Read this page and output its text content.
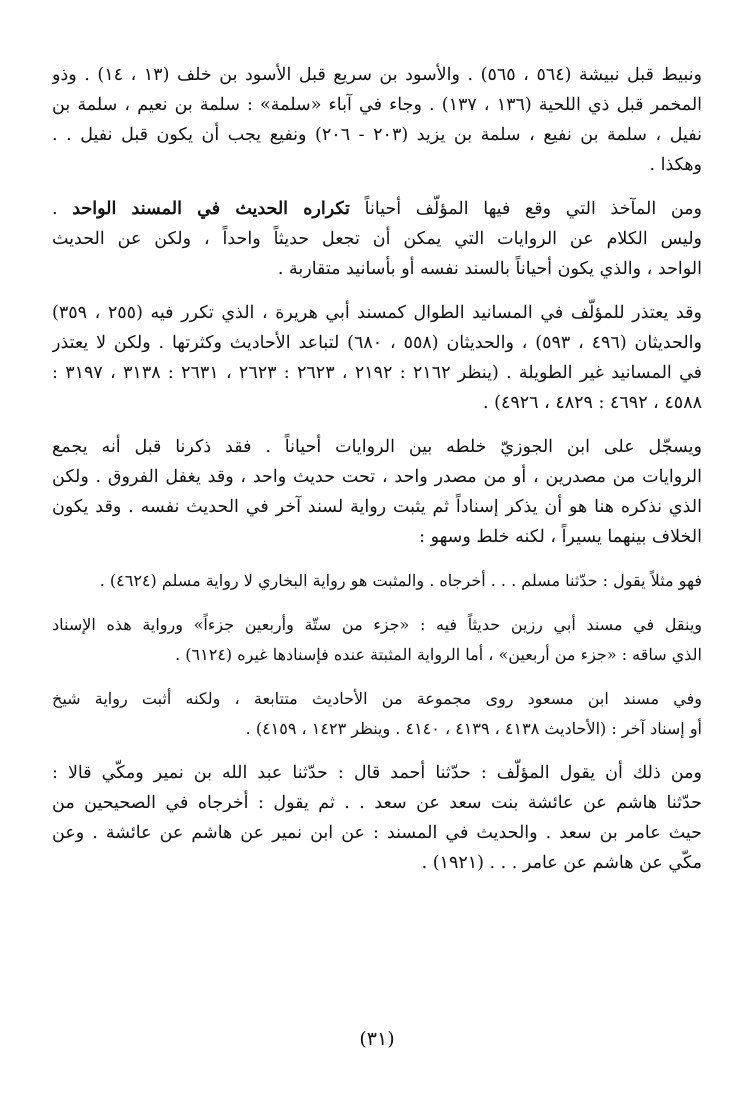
ونبيط قبل نبيشة (٥٦٤ ، ٥٦٥) . والأسود بن سريع قبل الأسود بن خلف (١٣ ، ١٤) . وذو
المخمر قبل ذي اللحية (١٣٦ ، ١٣٧) . وجاء في آباء «سلمة» : سلمة بن نعيم ، سلمة بن
نفيل ، سلمة بن نفيع ، سلمة بن يزيد (٢٠٣ - ٢٠٦) ونفيع يجب أن يكون قبل نفيل . .
وهكذا .

ومن المآخذ التي وقع فيها المؤلّف أحياناً تكراره الحديث في المسند الواحد .
وليس الكلام عن الروايات التي يمكن أن تجعل حديثاً واحداً ، ولكن عن الحديث
الواحد ، والذي يكون أحياناً بالسند نفسه أو بأسانيد متقاربة .

وقد يعتذر للمؤلّف في المسانيد الطوال كمسند أبي هريرة ، الذي تكرر فيه (٢٥٥ ، ٣٥٩)
والحديثان (٤٩٦ ، ٥٩٣) ، والحديثان (٥٥٨ ، ٦٨٠) لتباعد الأحاديث وكثرتها . ولكن لا يعتذر
في المسانيد غير الطويلة . (ينظر ٢١٦٢ : ٢١٩٢ ، ٢٦٢٣ : ٢٦٢٣ ، ٢٦٣١ : ٣١٣٨ ، ٣١٩٧ :
٤٥٨٨ ، ٤٦٩٢ : ٤٨٢٩ ، ٤٩٢٦) .

ويسجّل على ابن الجوزيّ خلطه بين الروايات أحياناً . فقد ذكرنا قبل أنه يجمع
الروايات من مصدرين ، أو من مصدر واحد ، تحت حديث واحد ، وقد يغفل الفروق . ولكن
الذي نذكره هنا هو أن يذكر إسناداً ثم يثبت رواية لسند آخر في الحديث نفسه . وقد يكون
الخلاف بينهما يسيراً ، لكنه خلط وسهو :

فهو مثلاً يقول : حدّثنا مسلم . . . أخرجاه . والمثبت هو رواية البخاري لا رواية مسلم (٤٦٢٤) .

وينقل في مسند أبي رزين حديثاً فيه : «جزء من ستّة وأربعين جزءاً» ورواية هذه الإسناد
الذي ساقه : «جزء من أربعين» ، أما الرواية المثبتة عنده فإسنادها غيره (٦١٢٤) .

وفي مسند ابن مسعود روى مجموعة من الأحاديث متتابعة ، ولكنه أثبت رواية شيخ
أو إسناد آخر : (الأحاديث ٤١٣٨ ، ٤١٣٩ ، ٤١٤٠ . وينظر ١٤٢٣ ، ٤١٥٩) .

ومن ذلك أن يقول المؤلّف : حدّثنا أحمد قال : حدّثنا عبد الله بن نمير ومكّي قالا :
حدّثنا هاشم عن عائشة بنت سعد عن سعد . . ثم يقول : أخرجاه في الصحيحين من
حيث عامر بن سعد . والحديث في المسند : عن ابن نمير عن هاشم عن عائشة . وعن
مكّي عن هاشم عن عامر . . . (١٩٢١) .

(٣١)
